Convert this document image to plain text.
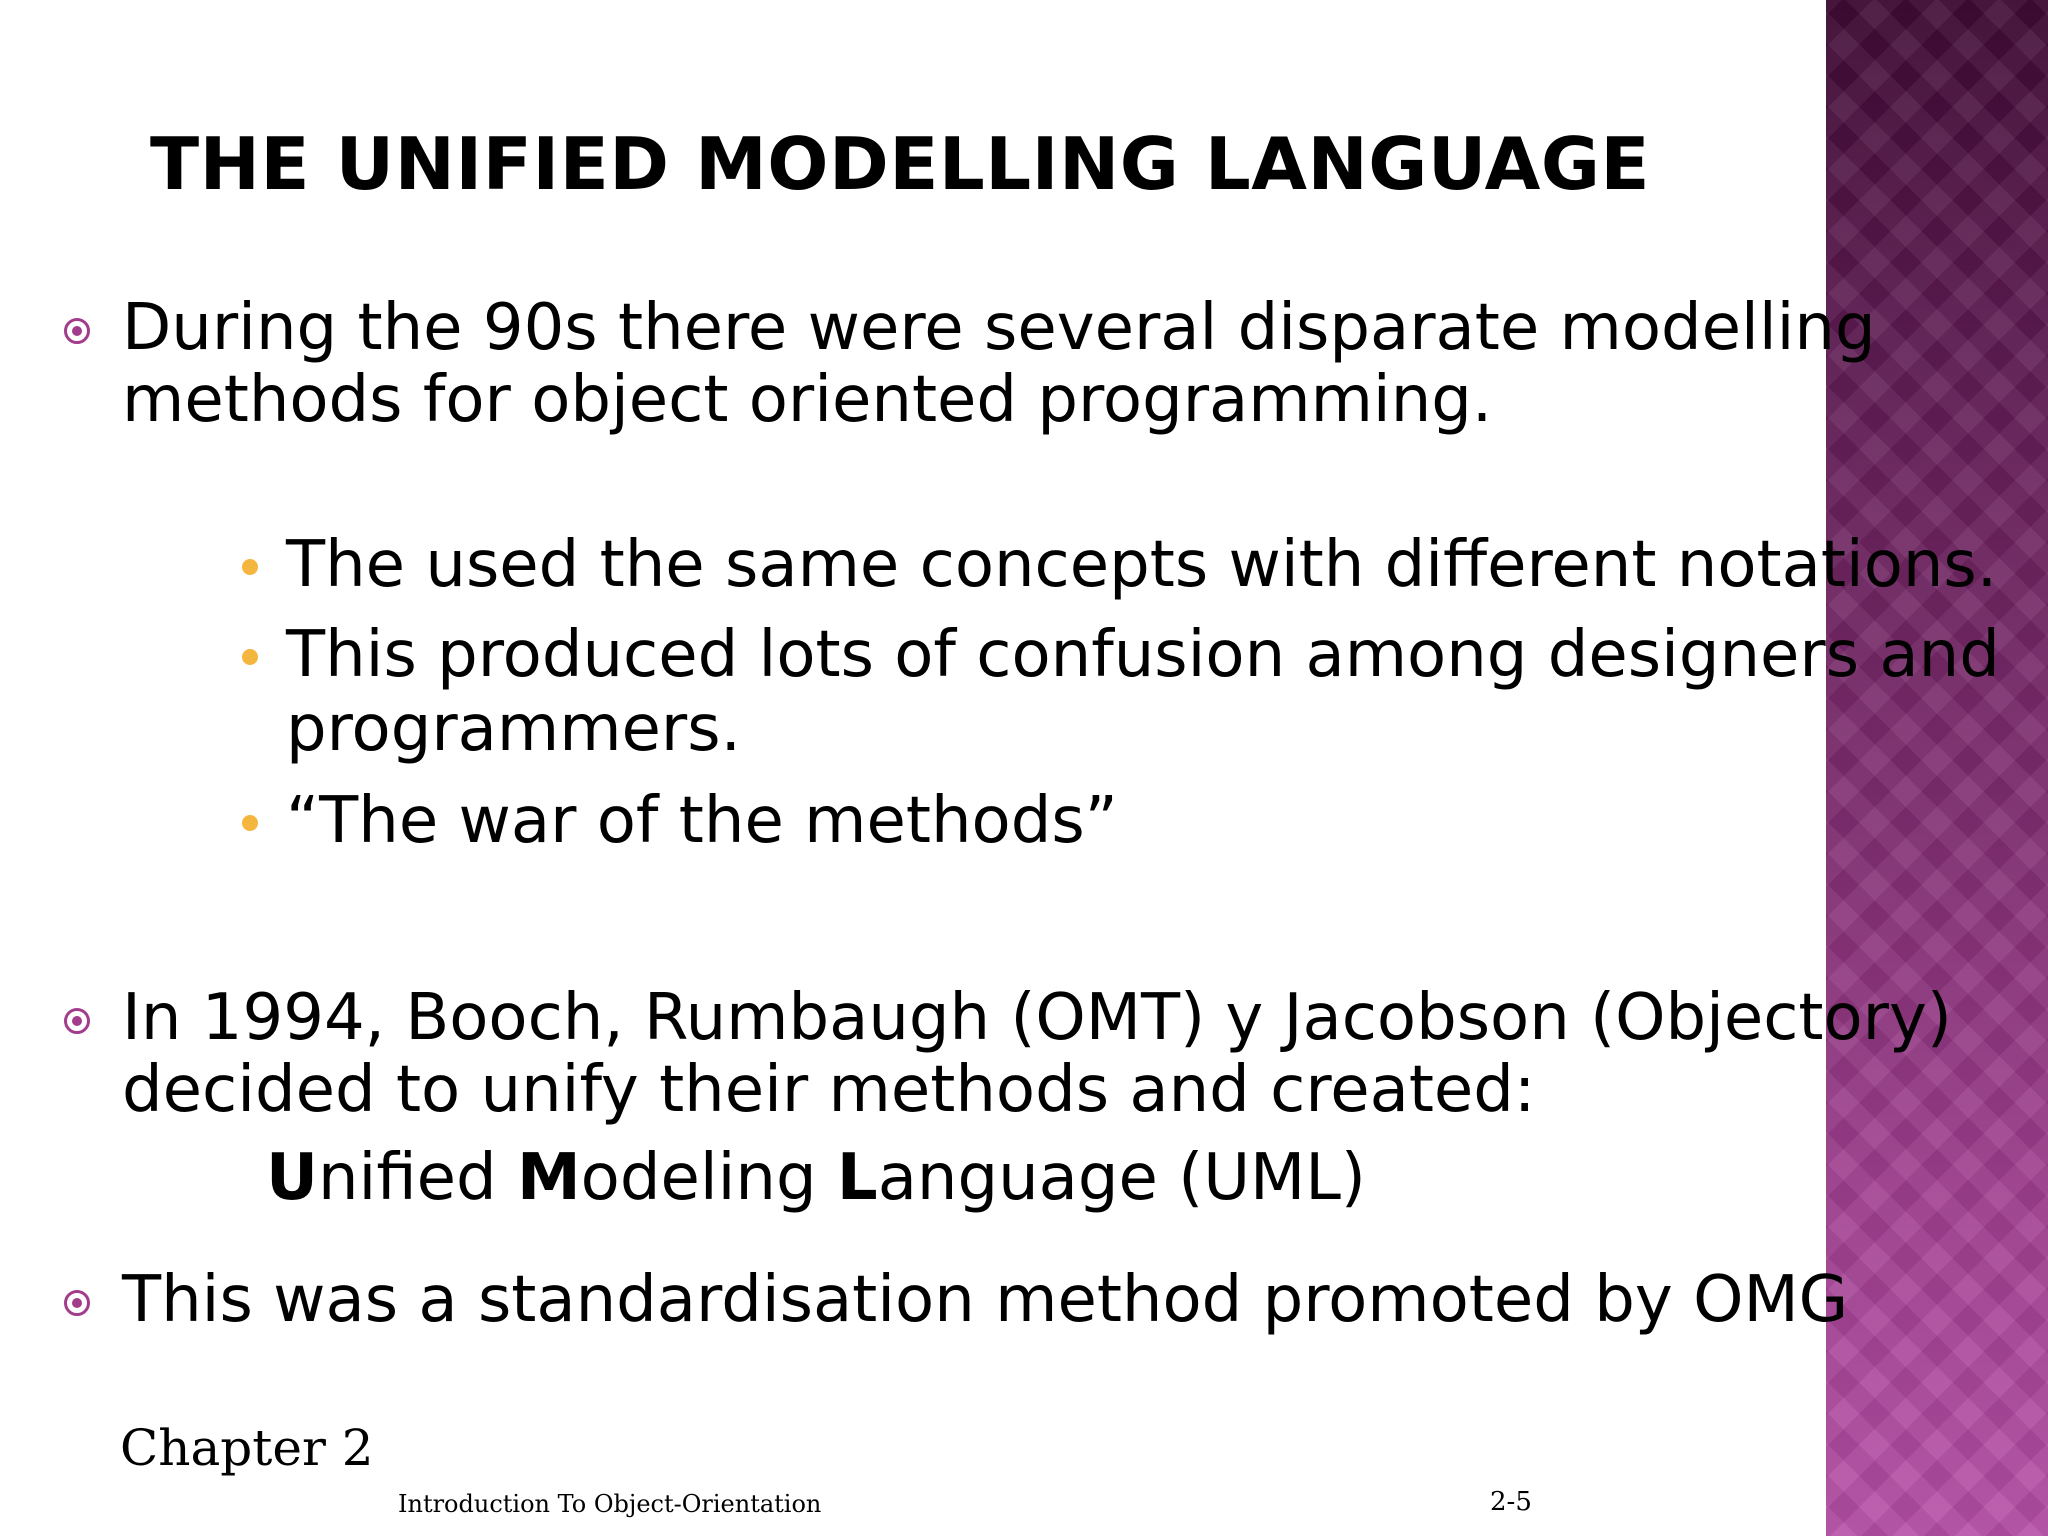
THE UNIFIED MODELLING LANGUAGE
During the 90s there were several disparate modelling
methods for object oriented programming.
The used the same concepts with different notations.
This produced lots of confusion among designers and
programmers.
“The war of the methods”
In 1994, Booch, Rumbaugh (OMT) y Jacobson (Objectory)
decided to unify their methods and created:
Unified Modeling Language (UML)
This was a standardisation method promoted by OMG
Chapter 2
Introduction To Object-Orientation	2-5
